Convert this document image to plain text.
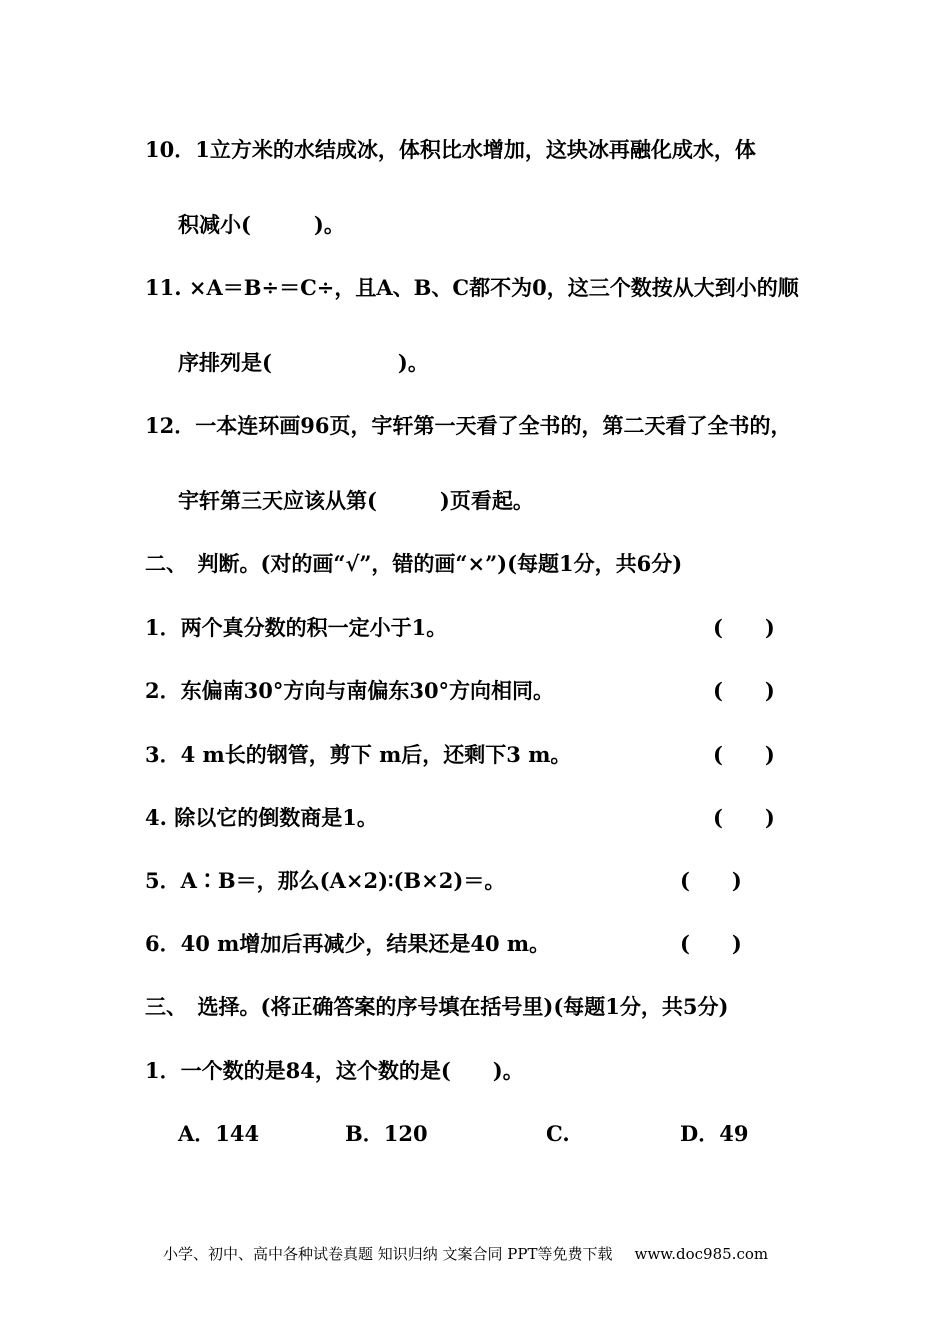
10．1立方米的水结成冰，体积比水增加，这块冰再融化成水，体
积减小(　　　)。
11. ×A＝B÷＝C÷，且A、B、C都不为0，这三个数按从大到小的顺
序排列是(　　　　　　)。
12．一本连环画96页，宇轩第一天看了全书的，第二天看了全书的，
宇轩第三天应该从第(　　　)页看起。
二、　判断。(对的画“√”，错的画“×”)(每题1分，共6分)
1．两个真分数的积一定小于1。	(　　)
2．东偏南30°方向与南偏东30°方向相同。	(　　)
3．4 m长的钢管，剪下 m后，还剩下3 m。	(　　)
4. 除以它的倒数商是1。	(　　)
5．A∶B＝，那么(A×2)∶(B×2)＝。	(　　)
6．40 m增加后再减少，结果还是40 m。	(　　)
三、　选择。(将正确答案的序号填在括号里)(每题1分，共5分)
1．一个数的是84，这个数的是(　　)。
A．144	B．120	C.	D．49
小学、初中、高中各种试卷真题 知识归纳 文案合同 PPT等免费下载 www.doc985.com
